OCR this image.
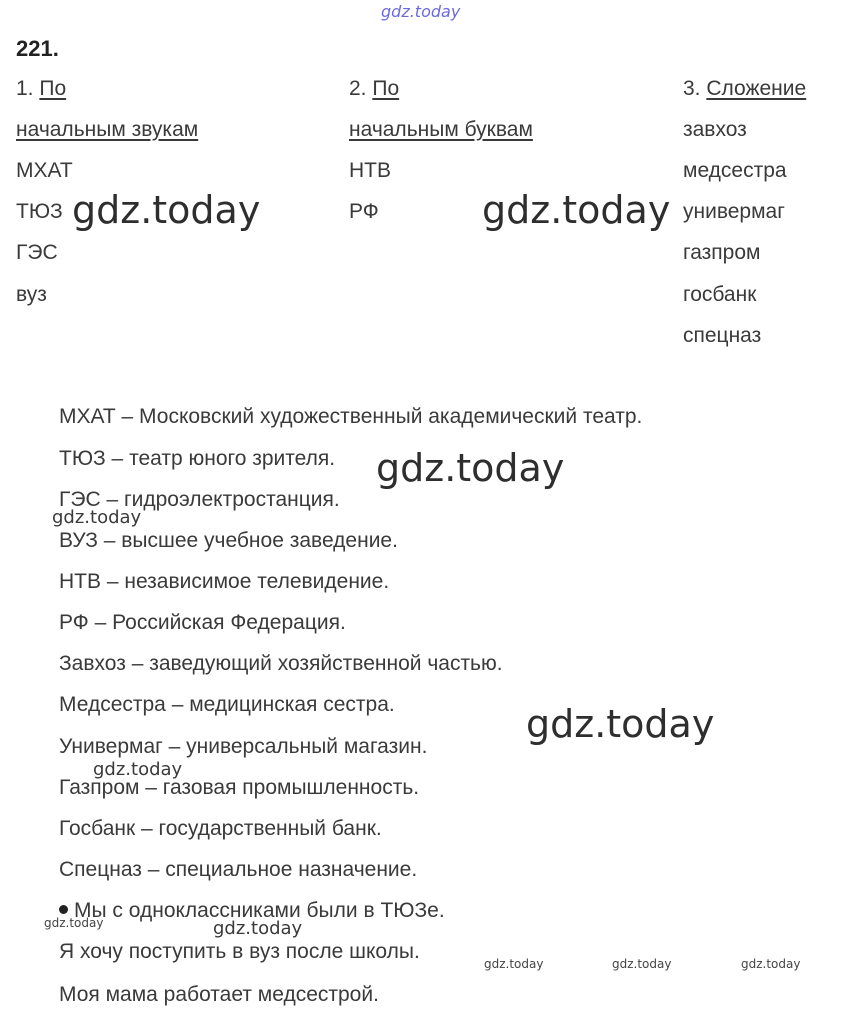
gdz.today
221.
1. По
начальным звукам
МХАТ
ТЮЗ
ГЭС
вуз
2. По
начальным буквам
НТВ
РФ
3. Сложение
завхоз
медсестра
универмаг
газпром
госбанк
спецназ
gdz.today	gdz.today
МХАТ – Московский художественный академический театр.
ТЮЗ – театр юного зрителя.
ГЭС – гидроэлектростанция.
ВУЗ – высшее учебное заведение.
НТВ – независимое телевидение.
РФ – Российская Федерация.
Завхоз – заведующий хозяйственной частью.
Медсестра – медицинская сестра.
Универмаг – универсальный магазин.
Газпром – газовая промышленность.
Госбанк – государственный банк.
Спецназ – специальное назначение.
Мы с одноклассниками были в ТЮЗе.
Я хочу поступить в вуз после школы.
Моя мама работает медсестрой.
gdz.today
gdz.today
gdz.today
gdz.today
gdz.today	gdz.today
gdz.today	gdz.today	gdz.today
